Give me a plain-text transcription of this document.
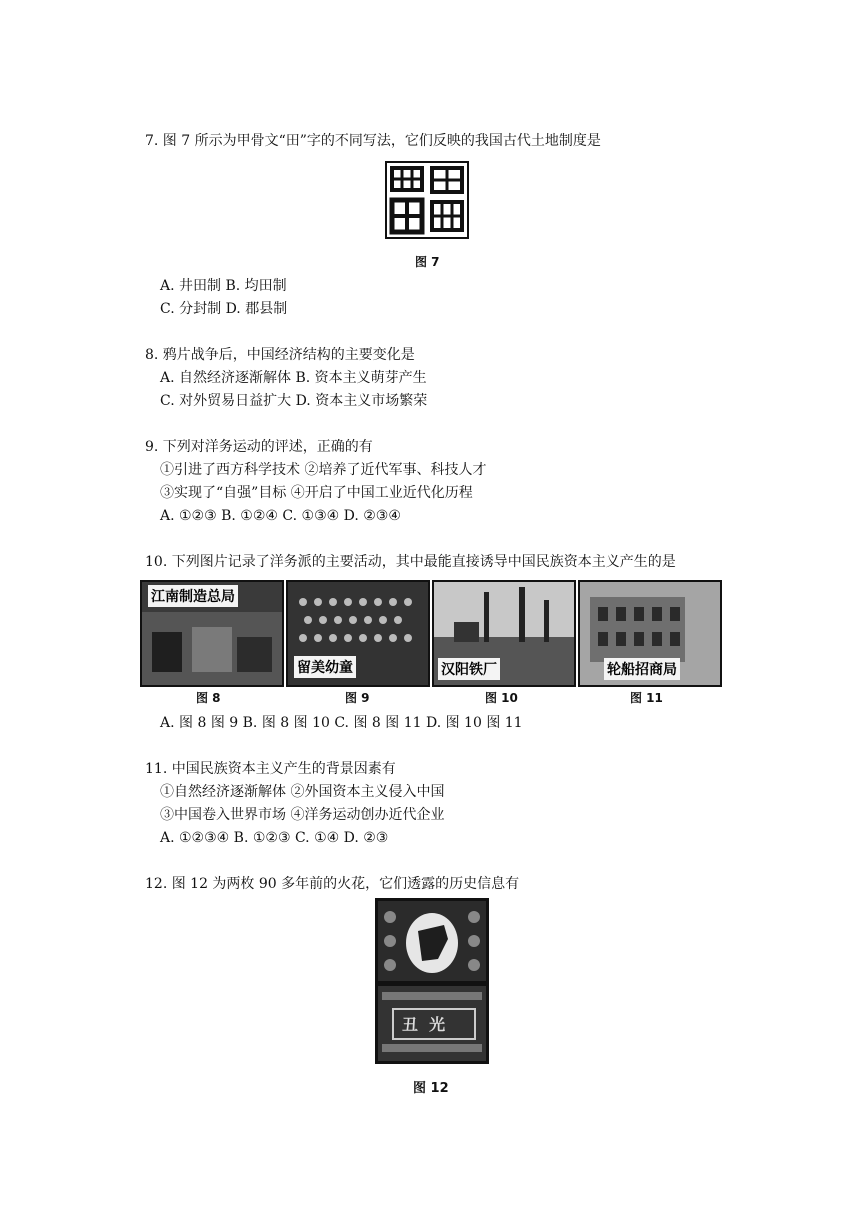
7. 图 7 所示为甲骨文“田”字的不同写法，它们反映的我国古代土地制度是
图 7
A. 井田制 B. 均田制
C. 分封制 D. 郡县制
8. 鸦片战争后，中国经济结构的主要变化是
A. 自然经济逐渐解体 B. 资本主义萌芽产生
C. 对外贸易日益扩大 D. 资本主义市场繁荣
9. 下列对洋务运动的评述，正确的有
①引进了西方科学技术 ②培养了近代军事、科技人才
③实现了“自强”目标 ④开启了中国工业近代化历程
A. ①②③ B. ①②④ C. ①③④ D. ②③④
10. 下列图片记录了洋务派的主要活动，其中最能直接诱导中国民族资本主义产生的是
江南制造总局
留美幼童	汉阳铁厂	轮船招商局
图 8	图 9	图 10	图 11
A. 图 8 图 9 B. 图 8 图 10 C. 图 8 图 11 D. 图 10 图 11
11. 中国民族资本主义产生的背景因素有
①自然经济逐渐解体 ②外国资本主义侵入中国
③中国卷入世界市场 ④洋务运动创办近代企业
A. ①②③④ B. ①②③ C. ①④ D. ②③
12. 图 12 为两枚 90 多年前的火花，它们透露的历史信息有
丑  光
图 12
